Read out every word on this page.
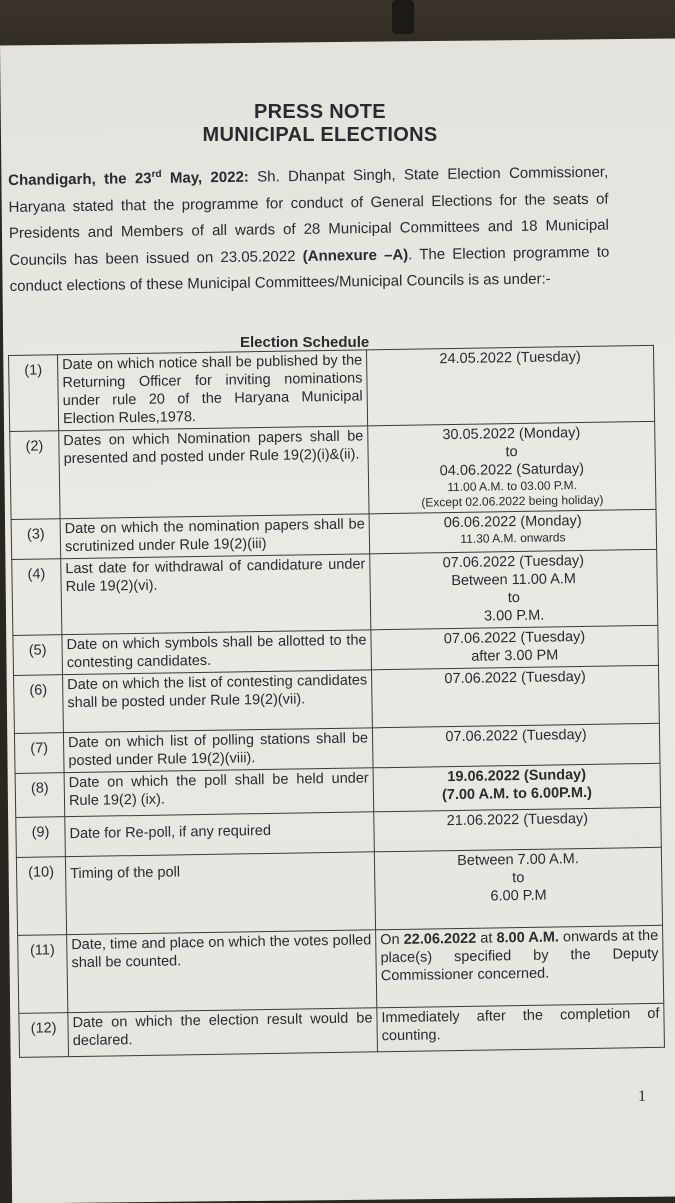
PRESS NOTE
MUNICIPAL ELECTIONS
Chandigarh, the 23rd May, 2022: Sh. Dhanpat Singh, State Election Commissioner, Haryana stated that the programme for conduct of General Elections for the seats of Presidents and Members of all wards of 28 Municipal Committees and 18 Municipal Councils has been issued on 23.05.2022 (Annexure –A). The Election programme to conduct elections of these Municipal Committees/Municipal Councils is as under:-
Election Schedule
(1)	Date on which notice shall be published by the Returning Officer for inviting nominations under rule 20 of the Haryana Municipal Election Rules,1978.	24.05.2022 (Tuesday)

(2)	Dates on which Nomination papers shall be presented and posted under Rule 19(2)(i)&(ii).	30.05.2022 (Monday)
to
04.06.2022 (Saturday)
11.00 A.M. to 03.00 P.M.
(Except 02.06.2022 being holiday)

(3)	Date on which the nomination papers shall be scrutinized under Rule 19(2)(iii)	06.06.2022 (Monday)
11.30 A.M. onwards

(4)	Last date for withdrawal of candidature under Rule 19(2)(vi).	07.06.2022 (Tuesday)
Between 11.00 A.M
to
3.00 P.M.

(5)	Date on which symbols shall be allotted to the contesting candidates.	07.06.2022 (Tuesday)
after 3.00 PM

(6)	Date on which the list of contesting candidates shall be posted under Rule 19(2)(vii).	07.06.2022 (Tuesday)

(7)	Date on which list of polling stations shall be posted under Rule 19(2)(viii).	07.06.2022 (Tuesday)

(8)	Date on which the poll shall be held under Rule 19(2) (ix).	19.06.2022 (Sunday)
(7.00 A.M. to 6.00P.M.)

(9)	Date for Re-poll, if any required	21.06.2022 (Tuesday)

(10)	Timing of the poll	Between 7.00 A.M.
to
6.00 P.M

(11)	Date, time and place on which the votes polled shall be counted.	On 22.06.2022 at 8.00 A.M. onwards at the place(s) specified by the Deputy Commissioner concerned.
(12)	Date on which the election result would be declared.	Immediately after the completion of counting.
1
